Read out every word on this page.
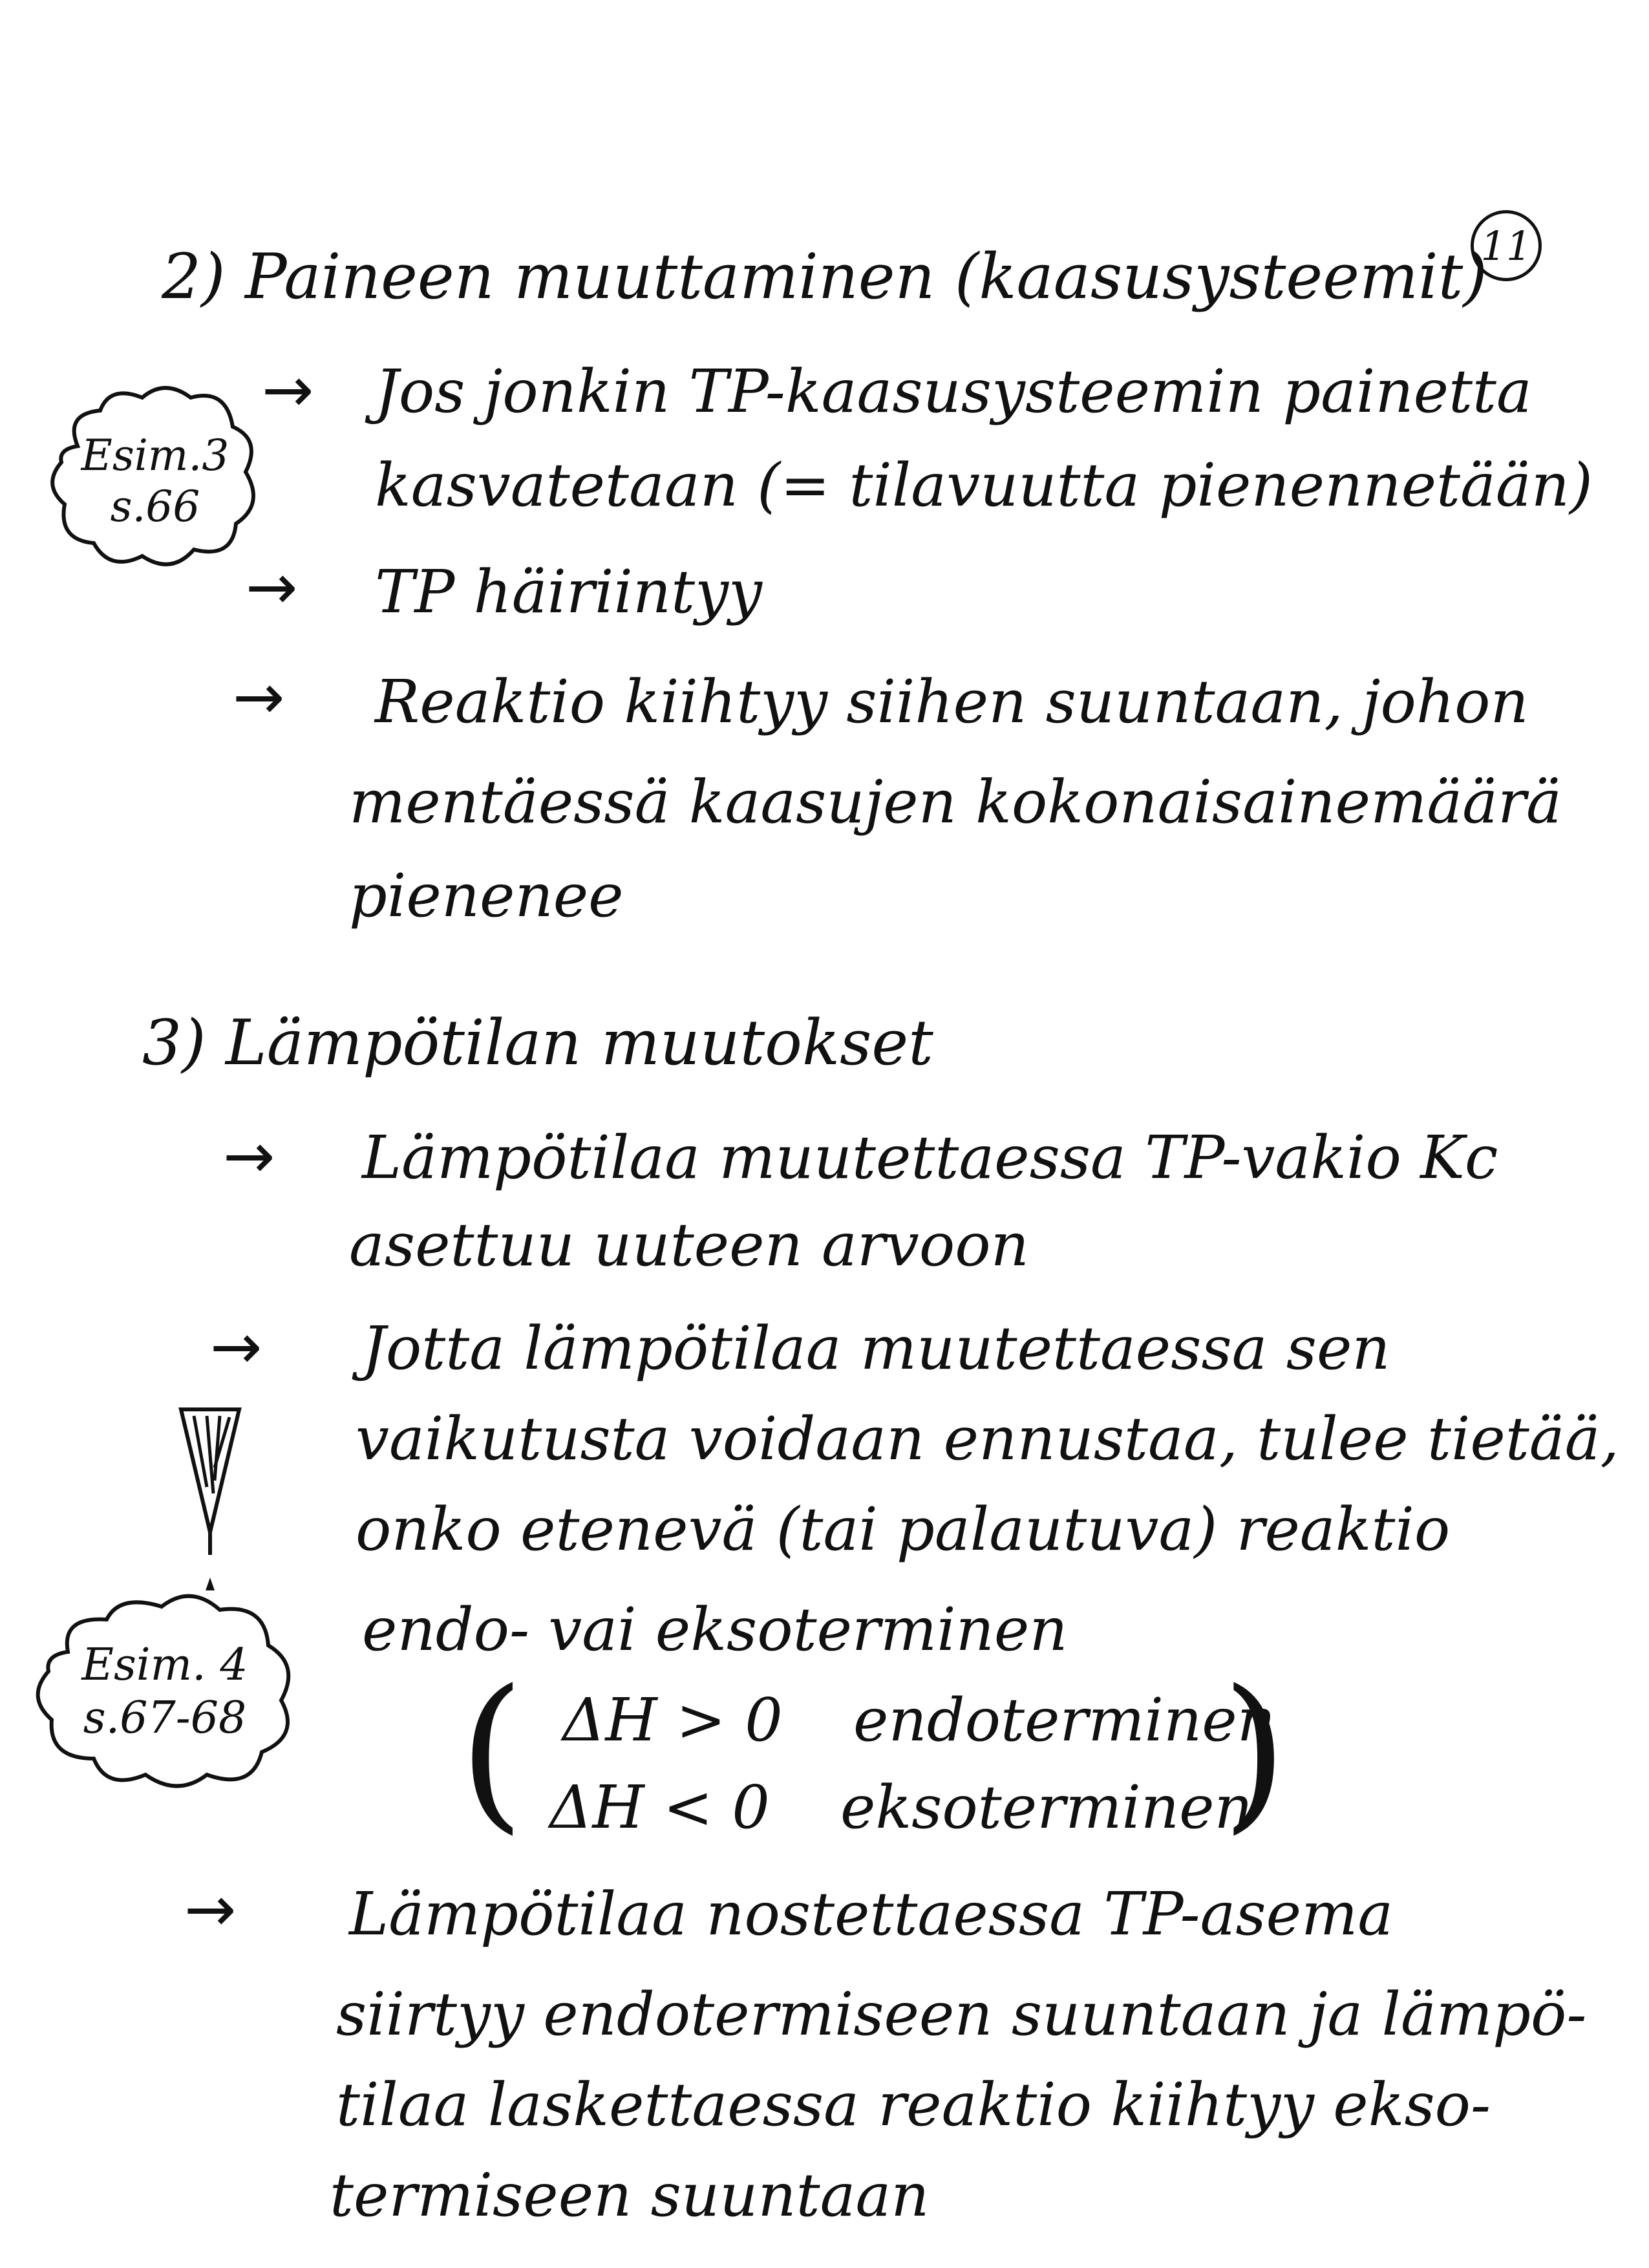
11
2) Paineen muuttaminen (kaasusysteemit)
Esim.3
s.66
→ Jos jonkin TP-kaasusysteemin painetta
kasvatetaan (= tilavuutta pienennetään)
→ TP häiriintyy
→ Reaktio kiihtyy siihen suuntaan, johon
mentäessä kaasujen kokonaisainemäärä
pienenee
3) Lämpötilan muutokset
→ Lämpötilaa muutettaessa TP-vakio Kc
asettuu uuteen arvoon
→ Jotta lämpötilaa muutettaessa sen
vaikutusta voidaan ennustaa, tulee tietää,
onko etenevä (tai palautuva) reaktio
endo- vai eksoterminen
Esim. 4
s.67-68 ( ΔH > 0 endoterminen
ΔH < 0 eksoterminen
)
→ Lämpötilaa nostettaessa TP-asema
siirtyy endotermiseen suuntaan ja lämpö-
tilaa laskettaessa reaktio kiihtyy ekso-
termiseen suuntaan
